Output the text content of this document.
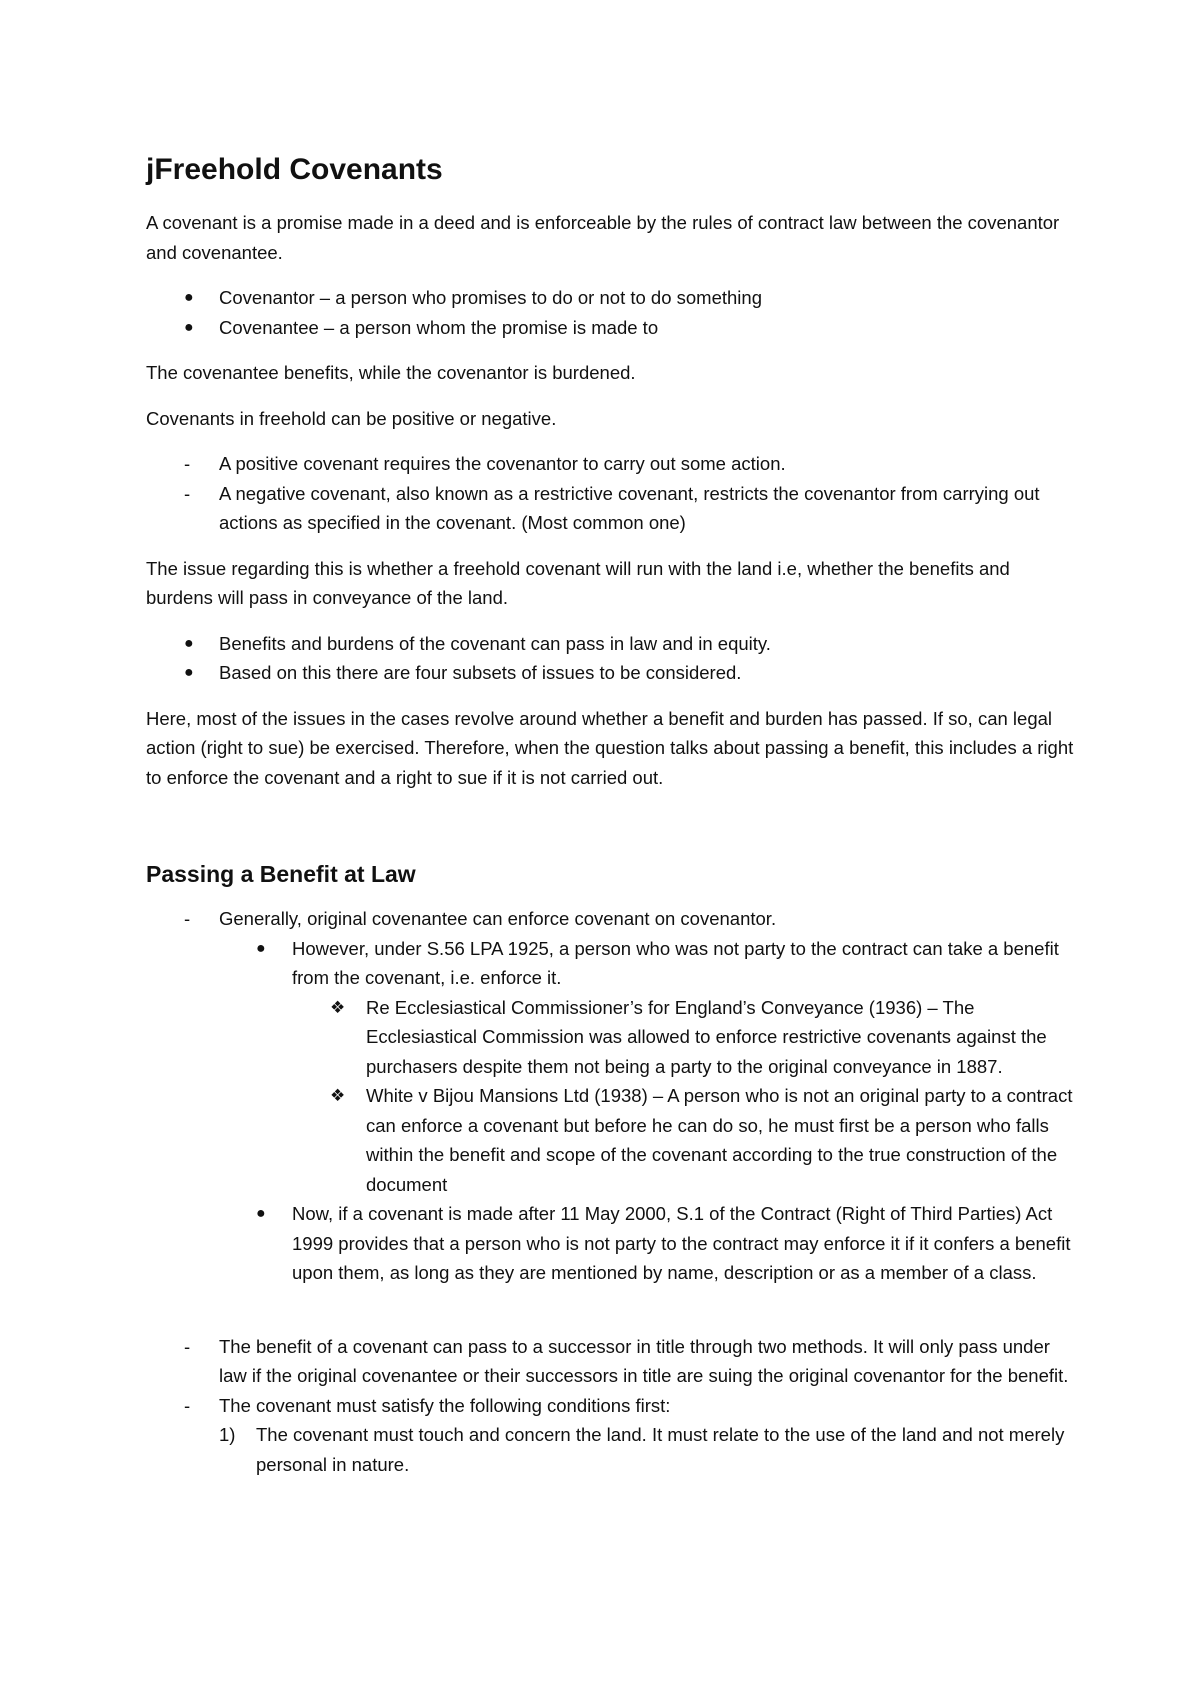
jFreehold Covenants

A covenant is a promise made in a deed and is enforceable by the rules of contract law between the covenantor and covenantee.

● Covenantor – a person who promises to do or not to do something
● Covenantee – a person whom the promise is made to

The covenantee benefits, while the covenantor is burdened.

Covenants in freehold can be positive or negative.

- A positive covenant requires the covenantor to carry out some action.
- A negative covenant, also known as a restrictive covenant, restricts the covenantor from carrying out actions as specified in the covenant. (Most common one)

The issue regarding this is whether a freehold covenant will run with the land i.e, whether the benefits and burdens will pass in conveyance of the land.

● Benefits and burdens of the covenant can pass in law and in equity.
● Based on this there are four subsets of issues to be considered.

Here, most of the issues in the cases revolve around whether a benefit and burden has passed. If so, can legal action (right to sue) be exercised. Therefore, when the question talks about passing a benefit, this includes a right to enforce the covenant and a right to sue if it is not carried out.

Passing a Benefit at Law
- Generally, original covenantee can enforce covenant on covenantor.
● However, under S.56 LPA 1925, a person who was not party to the contract can take a benefit from the covenant, i.e. enforce it.
❖ Re Ecclesiastical Commissioner’s for England’s Conveyance (1936) – The Ecclesiastical Commission was allowed to enforce restrictive covenants against the purchasers despite them not being a party to the original conveyance in 1887.
❖ White v Bijou Mansions Ltd (1938) – A person who is not an original party to a contract can enforce a covenant but before he can do so, he must first be a person who falls within the benefit and scope of the covenant according to the true construction of the document
● Now, if a covenant is made after 11 May 2000, S.1 of the Contract (Right of Third Parties) Act 1999 provides that a person who is not party to the contract may enforce it if it confers a benefit upon them, as long as they are mentioned by name, description or as a member of a class.
- The benefit of a covenant can pass to a successor in title through two methods. It will only pass under law if the original covenantee or their successors in title are suing the original covenantor for the benefit.
- The covenant must satisfy the following conditions first:
1) The covenant must touch and concern the land. It must relate to the use of the land and not merely personal in nature.
